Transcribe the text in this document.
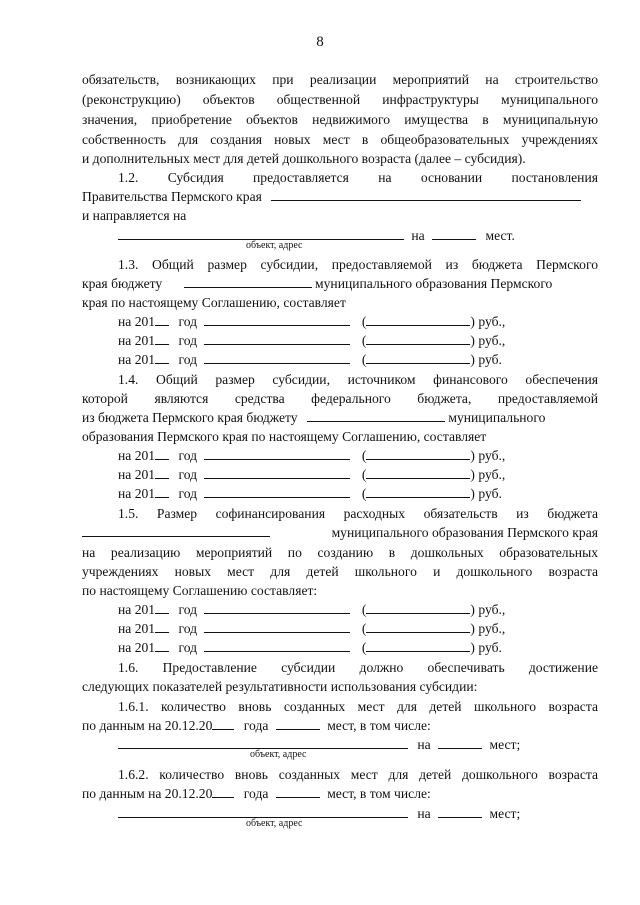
8
обязательств, возникающих при реализации мероприятий на строительство
(реконструкцию) объектов общественной инфраструктуры муниципального
значения, приобретение объектов недвижимого имущества в муниципальную
собственность для создания новых мест в общеобразовательных учреждениях
и дополнительных мест для детей дошкольного возраста (далее – субсидия).
1.2. Субсидия предоставляется на основании постановления
Правительства Пермского края
и направляется на
на	мест.
объект, адрес
1.3. Общий размер субсидии, предоставляемой из бюджета Пермского
края бюджету	муниципального образования Пермского
края по настоящему Соглашению, составляет
на 201 год	(	) руб.,
на 201 год	(	) руб.,
на 201 год	(	) руб.
1.4. Общий размер субсидии, источником финансового обеспечения
которой являются средства федерального бюджета, предоставляемой
из бюджета Пермского края бюджету	муниципального
образования Пермского края по настоящему Соглашению, составляет
на 201 год	(	) руб.,
на 201 год	(	) руб.,
на 201 год	(	) руб.
1.5. Размер софинансирования расходных обязательств из бюджета
муниципального образования Пермского края
на реализацию мероприятий по созданию в дошкольных образовательных
учреждениях новых мест для детей школьного и дошкольного возраста
по настоящему Соглашению составляет:
на 201 год	(	) руб.,
на 201 год	(	) руб.,
на 201 год	(	) руб.
1.6. Предоставление субсидии должно обеспечивать достижение
следующих показателей результативности использования субсидии:
1.6.1. количество вновь созданных мест для детей школьного возраста
по данным на 20.12.20 года	мест, в том числе:
на	мест;
объект, адрес
1.6.2. количество вновь созданных мест для детей дошкольного возраста
по данным на 20.12.20 года	мест, в том числе:
на	мест;
объект, адрес
